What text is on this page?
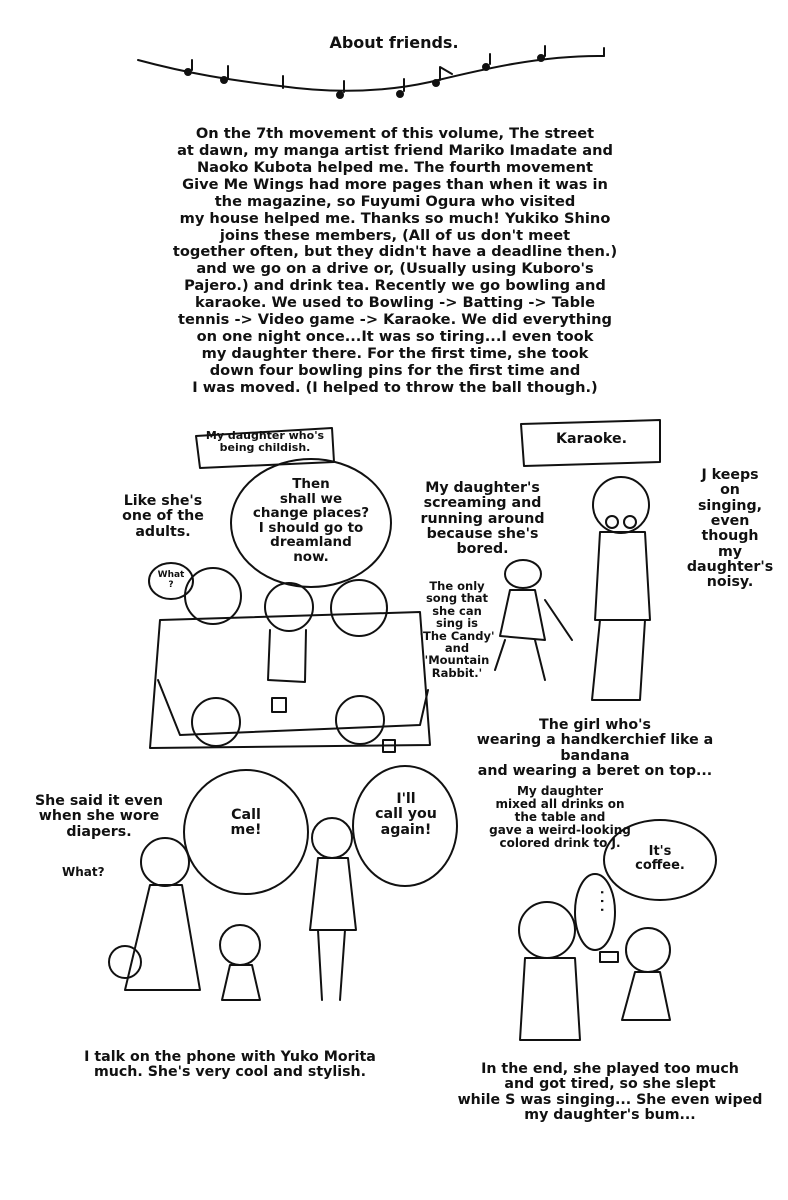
About friends.
On the 7th movement of this volume, The street
at dawn, my manga artist friend Mariko Imadate and
Naoko Kubota helped me. The fourth movement
Give Me Wings had more pages than when it was in
the magazine, so Fuyumi Ogura who visited
my house helped me. Thanks so much! Yukiko Shino
joins these members, (All of us don't meet
together often, but they didn't have a deadline then.)
and we go on a drive or, (Usually using Kuboro's
Pajero.) and drink tea. Recently we go bowling and
karaoke. We used to Bowling -> Batting -> Table
tennis -> Video game -> Karaoke. We did everything
on one night once...It was so tiring...I even took
my daughter there. For the first time, she took
down four bowling pins for the first time and
I was moved. (I helped to throw the ball though.)
My daughter who's
being childish.
Like she's
one of the
adults.
Then
shall we
change places?
I should go to
dreamland
now.
What
?
Karaoke.
My daughter's
screaming and
running around
because she's
bored.
The only
song that
she can
sing is
'The Candy'
and
'Mountain
Rabbit.'
J keeps
on
singing,
even
though
my
daughter's
noisy.
The girl who's
wearing a handkerchief like a bandana
and wearing a beret on top...
She said it even
when she wore
diapers.
What?
Call
me!
I'll
call you
again!
I talk on the phone with Yuko Morita
much. She's very cool and stylish.
My daughter
mixed all drinks on
the table and
gave a weird-looking
colored drink to J.
It's
coffee.
· · ·
In the end, she played too much
and got tired, so she slept
while S was singing... She even wiped
my daughter's bum...
